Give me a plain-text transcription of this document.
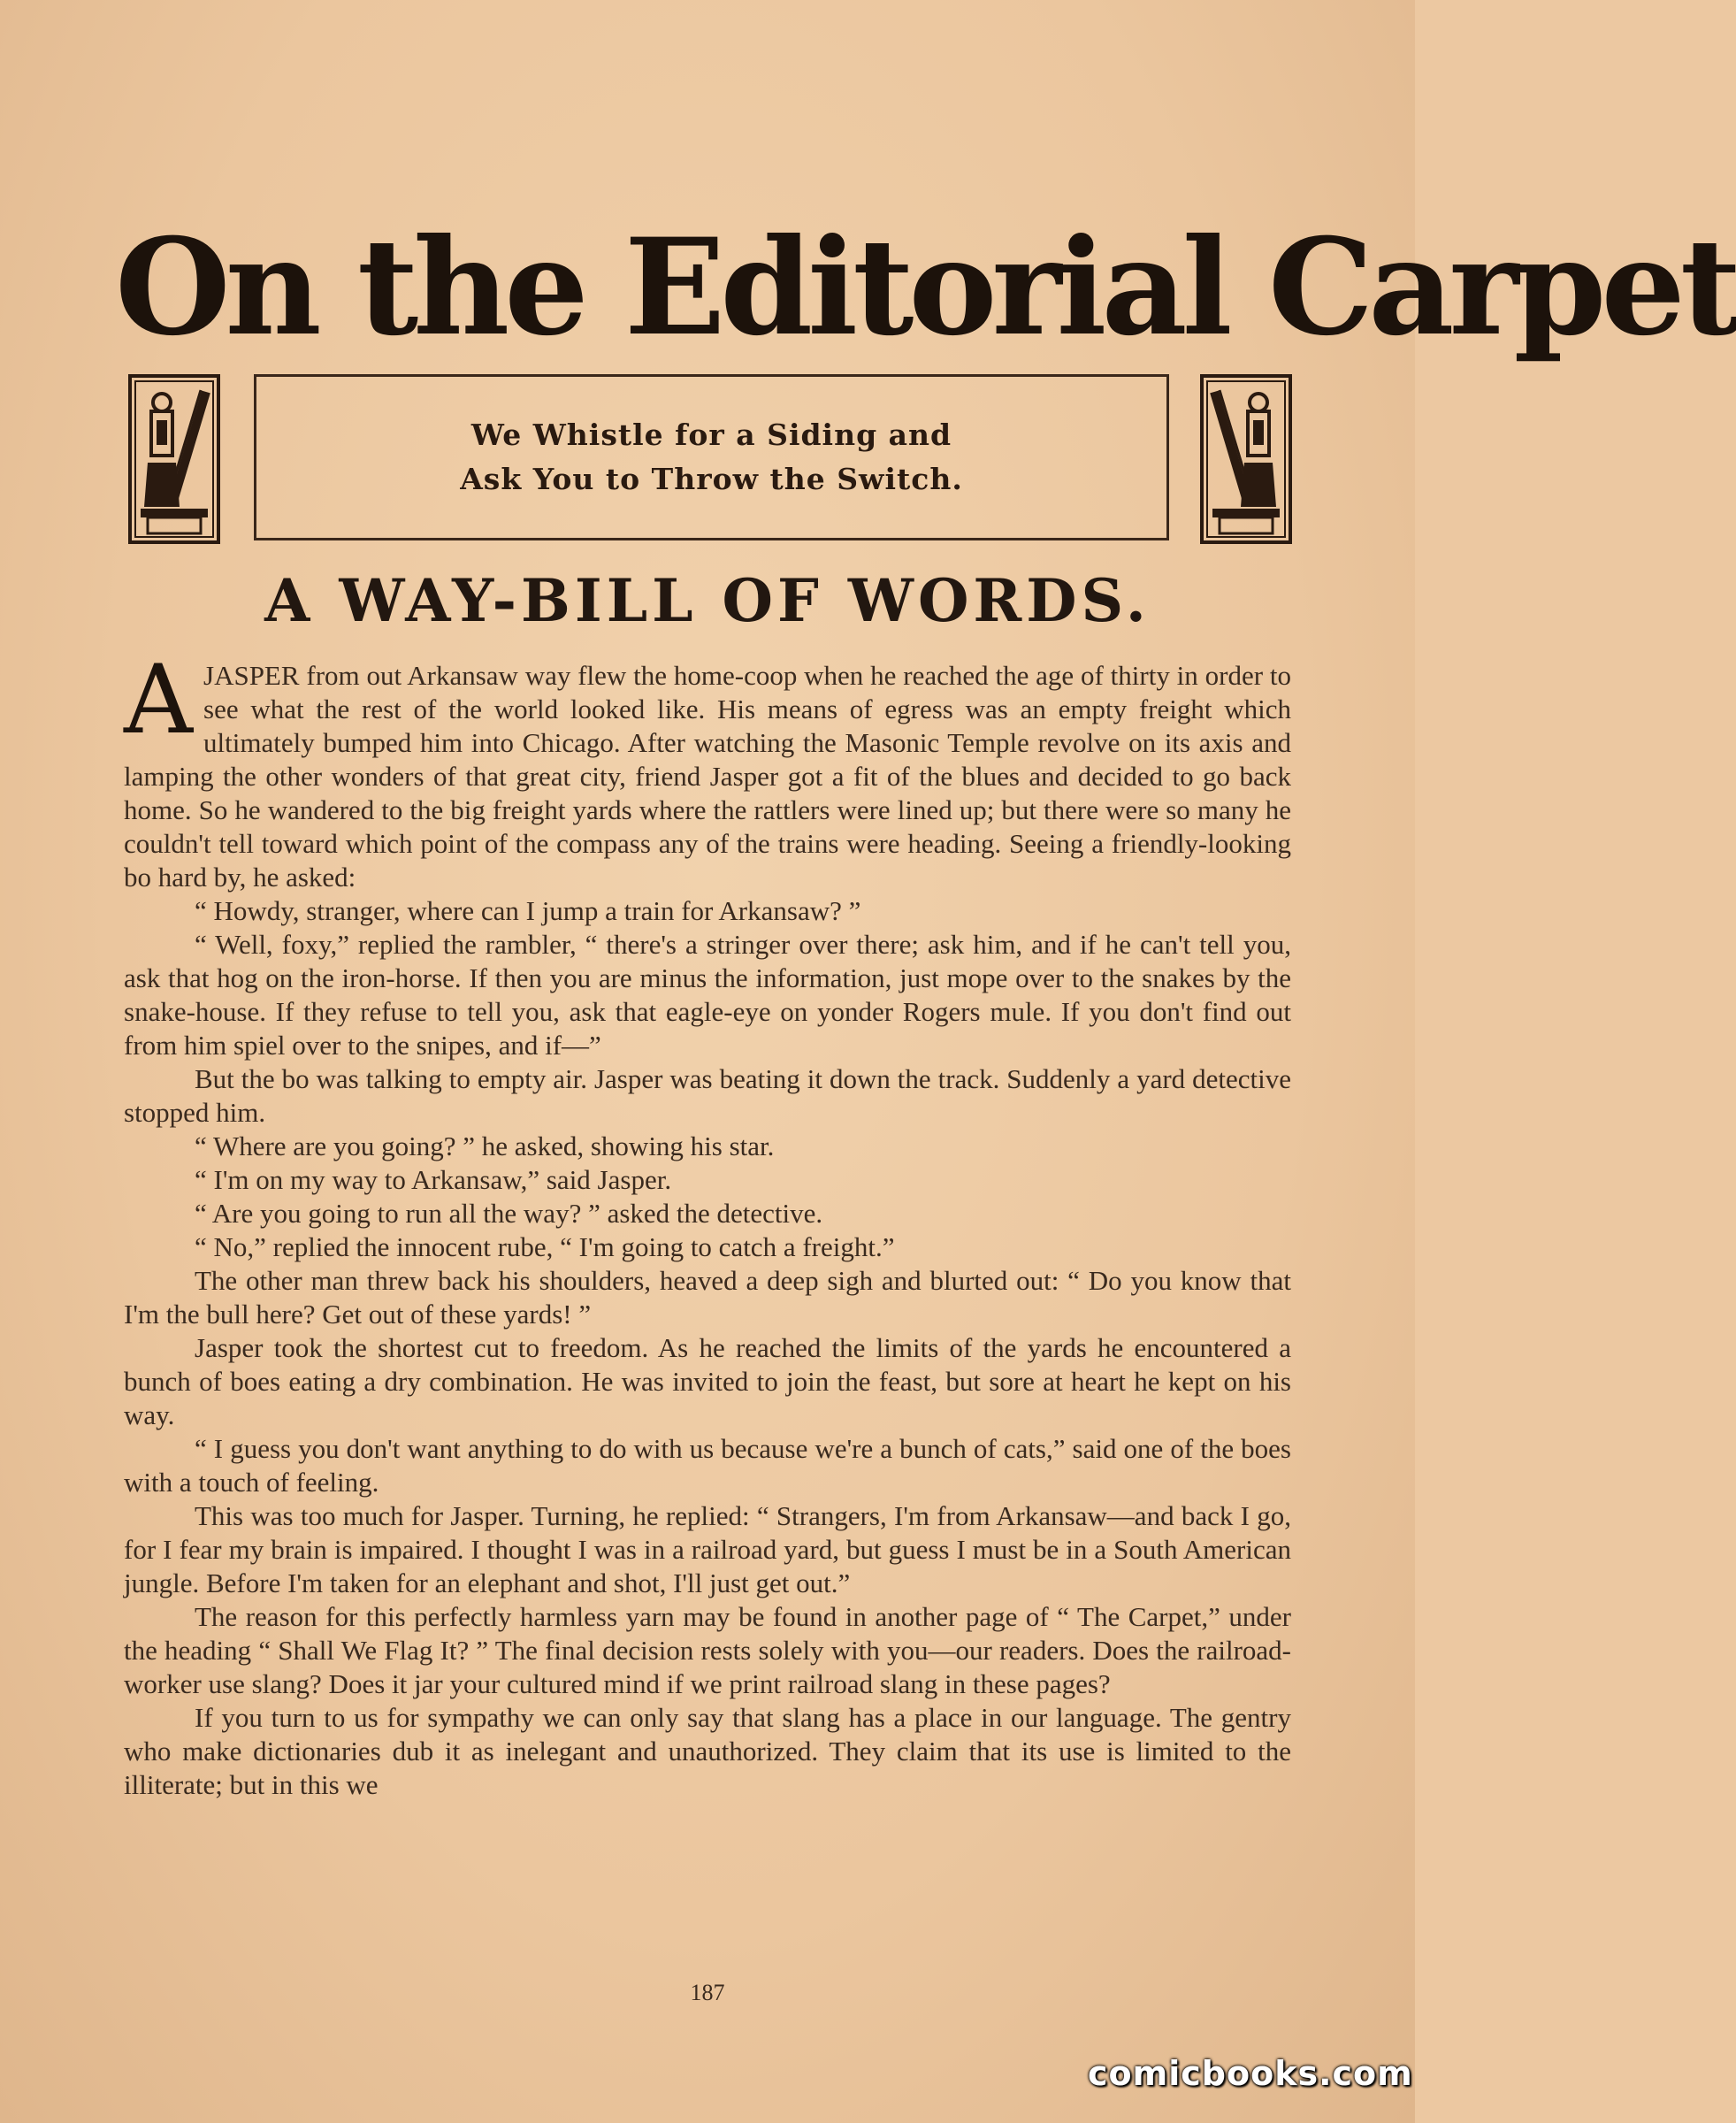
On the Editorial Carpet
We Whistle for a Siding and
Ask You to Throw the Switch.
A WAY-BILL OF WORDS.

AJASPER from out Arkansaw way flew the home-coop when he reached the age of thirty in order to see what the rest of the world looked like. His means of egress was an empty freight which ultimately bumped him into Chicago. After watching the Masonic Temple revolve on its axis and lamping the other wonders of that great city, friend Jasper got a fit of the blues and decided to go back home. So he wandered to the big freight yards where the rattlers were lined up; but there were so many he couldn't tell toward which point of the compass any of the trains were heading. Seeing a friendly-looking bo hard by, he asked:

“ Howdy, stranger, where can I jump a train for Arkansaw? ”

“ Well, foxy,” replied the rambler, “ there's a stringer over there; ask him, and if he can't tell you, ask that hog on the iron-horse. If then you are minus the information, just mope over to the snakes by the snake-house. If they refuse to tell you, ask that eagle-eye on yonder Rogers mule. If you don't find out from him spiel over to the snipes, and if—”

But the bo was talking to empty air. Jasper was beating it down the track. Suddenly a yard detective stopped him.

“ Where are you going? ” he asked, showing his star.

“ I'm on my way to Arkansaw,” said Jasper.

“ Are you going to run all the way? ” asked the detective.

“ No,” replied the innocent rube, “ I'm going to catch a freight.”

The other man threw back his shoulders, heaved a deep sigh and blurted out: “ Do you know that I'm the bull here? Get out of these yards! ”

Jasper took the shortest cut to freedom. As he reached the limits of the yards he encountered a bunch of boes eating a dry combination. He was invited to join the feast, but sore at heart he kept on his way.

“ I guess you don't want anything to do with us because we're a bunch of cats,” said one of the boes with a touch of feeling.

This was too much for Jasper. Turning, he replied: “ Strangers, I'm from Arkansaw—and back I go, for I fear my brain is impaired. I thought I was in a railroad yard, but guess I must be in a South American jungle. Before I'm taken for an elephant and shot, I'll just get out.”

The reason for this perfectly harmless yarn may be found in another page of “ The Carpet,” under the heading “ Shall We Flag It? ” The final decision rests solely with you—our readers. Does the railroad-worker use slang? Does it jar your cultured mind if we print railroad slang in these pages?

If you turn to us for sympathy we can only say that slang has a place in our language. The gentry who make dictionaries dub it as inelegant and unauthorized. They claim that its use is limited to the illiterate; but in this we

187
comicbooks.com
